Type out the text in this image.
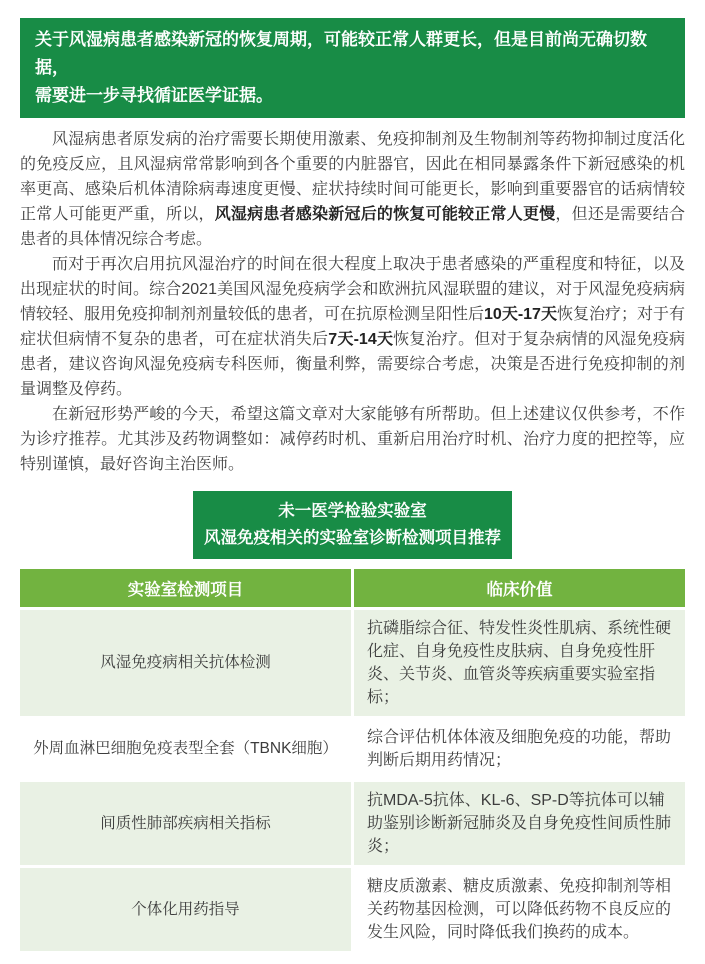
关于风湿病患者感染新冠的恢复周期，可能较正常人群更长，但是目前尚无确切数据，
需要进一步寻找循证医学证据。

风湿病患者原发病的治疗需要长期使用激素、免疫抑制剂及生物制剂等药物抑制过度活化的免疫反应，且风湿病常常影响到各个重要的内脏器官，因此在相同暴露条件下新冠感染的机率更高、感染后机体清除病毒速度更慢、症状持续时间可能更长，影响到重要器官的话病情较正常人可能更严重，所以，风湿病患者感染新冠后的恢复可能较正常人更慢，但还是需要结合患者的具体情况综合考虑。

而对于再次启用抗风湿治疗的时间在很大程度上取决于患者感染的严重程度和特征，以及出现症状的时间。综合2021美国风湿免疫病学会和欧洲抗风湿联盟的建议，对于风湿免疫病病情较轻、服用免疫抑制剂剂量较低的患者，可在抗原检测呈阳性后10天-17天恢复治疗；对于有症状但病情不复杂的患者，可在症状消失后7天-14天恢复治疗。但对于复杂病情的风湿免疫病患者，建议咨询风湿免疫病专科医师，衡量利弊，需要综合考虑，决策是否进行免疫抑制的剂量调整及停药。

在新冠形势严峻的今天，希望这篇文章对大家能够有所帮助。但上述建议仅供参考，不作为诊疗推荐。尤其涉及药物调整如：减停药时机、重新启用治疗时机、治疗力度的把控等，应特别谨慎，最好咨询主治医师。

未一医学检验实验室
风湿免疫相关的实验室诊断检测项目推荐
实验室检测项目	临床价值
风湿免疫病相关抗体检测	抗磷脂综合征、特发性炎性肌病、系统性硬化症、自身免疫性皮肤病、自身免疫性肝炎、关节炎、血管炎等疾病重要实验室指标；
外周血淋巴细胞免疫表型全套（TBNK细胞）	综合评估机体体液及细胞免疫的功能，帮助判断后期用药情况；
间质性肺部疾病相关指标	抗MDA-5抗体、KL-6、SP-D等抗体可以辅助鉴别诊断新冠肺炎及自身免疫性间质性肺炎；
个体化用药指导	糖皮质激素、糖皮质激素、免疫抑制剂等相关药物基因检测，可以降低药物不良反应的发生风险，同时降低我们换药的成本。
